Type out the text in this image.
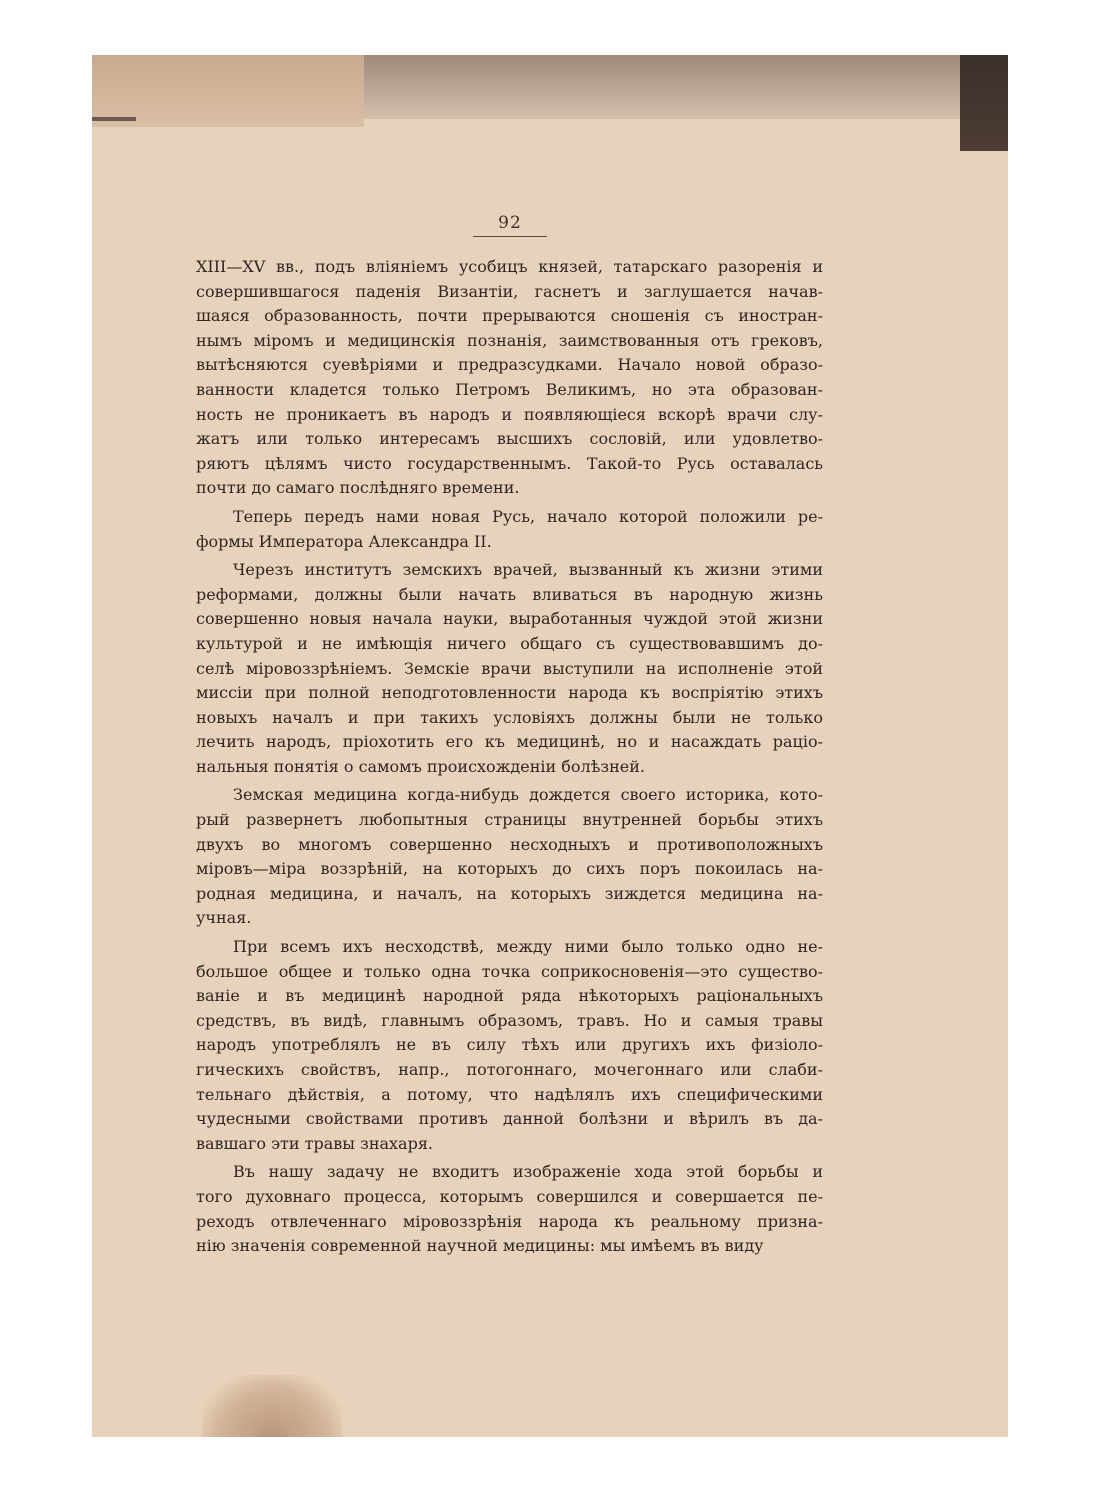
92
XIII—XV вв., подъ вліяніемъ усобицъ князей, татарскаго разоренія и
совершившагося паденія Византіи, гаснетъ и заглушается начав-
шаяся образованность, почти прерываются сношенія съ иностран-
нымъ міромъ и медицинскія познанія, заимствованныя отъ грековъ,
вытѣсняются суевѣріями и предразсудками. Начало новой образо-
ванности кладется только Петромъ Великимъ, но эта образован-
ность не проникаетъ въ народъ и появляющіеся вскорѣ врачи слу-
жатъ или только интересамъ высшихъ сословій, или удовлетво-
ряютъ цѣлямъ чисто государственнымъ. Такой-то Русь оставалась
почти до самаго послѣдняго времени.
Теперь передъ нами новая Русь, начало которой положили ре-
формы Императора Александра II.
Черезъ институтъ земскихъ врачей, вызванный къ жизни этими
реформами, должны были начать вливаться въ народную жизнь
совершенно новыя начала науки, выработанныя чуждой этой жизни
культурой и не имѣющія ничего общаго съ существовавшимъ до-
селѣ міровоззрѣніемъ. Земскіе врачи выступили на исполненіе этой
миссіи при полной неподготовленности народа къ воспріятію этихъ
новыхъ началъ и при такихъ условіяхъ должны были не только
лечить народъ, пріохотить его къ медицинѣ, но и насаждать раціо-
нальныя понятія о самомъ происхожденіи болѣзней.
Земская медицина когда-нибудь дождется своего историка, кото-
рый развернетъ любопытныя страницы внутренней борьбы этихъ
двухъ во многомъ совершенно несходныхъ и противоположныхъ
міровъ—міра воззрѣній, на которыхъ до сихъ поръ покоилась на-
родная медицина, и началъ, на которыхъ зиждется медицина на-
учная.
При всемъ ихъ несходствѣ, между ними было только одно не-
большое общее и только одна точка соприкосновенія—это существо-
ваніе и въ медицинѣ народной ряда нѣкоторыхъ раціональныхъ
средствъ, въ видѣ, главнымъ образомъ, травъ. Но и самыя травы
народъ употреблялъ не въ силу тѣхъ или другихъ ихъ физіоло-
гическихъ свойствъ, напр., потогоннаго, мочегоннаго или слаби-
тельнаго дѣйствія, а потому, что надѣлялъ ихъ специфическими
чудесными свойствами противъ данной болѣзни и вѣрилъ въ да-
вавшаго эти травы знахаря.
Въ нашу задачу не входитъ изображеніе хода этой борьбы и
того духовнаго процесса, которымъ совершился и совершается пе-
реходъ отвлеченнаго міровоззрѣнія народа къ реальному призна-
нію значенія современной научной медицины: мы имѣемъ въ виду
